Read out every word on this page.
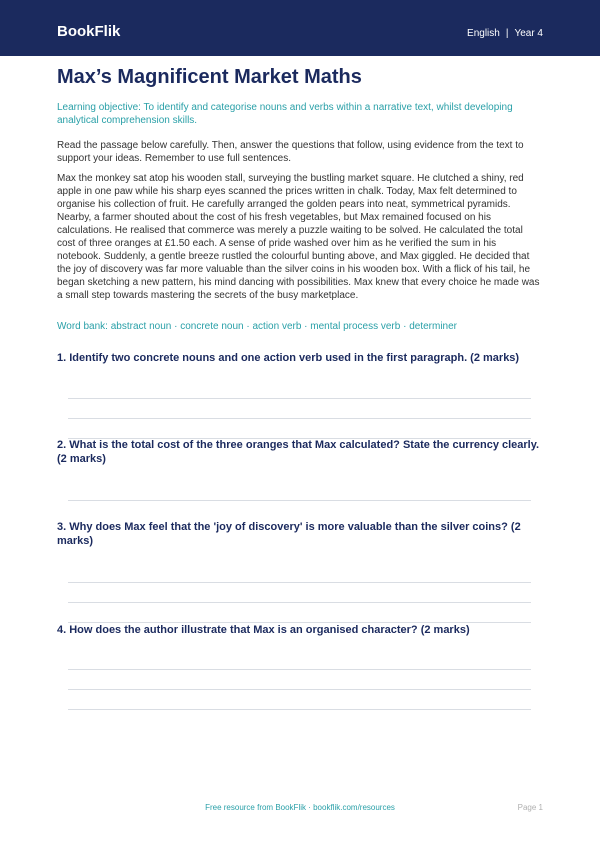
BookFlik	English | Year 4
Max’s Magnificent Market Maths
Learning objective: To identify and categorise nouns and verbs within a narrative text, whilst developing analytical comprehension skills.
Read the passage below carefully. Then, answer the questions that follow, using evidence from the text to support your ideas. Remember to use full sentences.
Max the monkey sat atop his wooden stall, surveying the bustling market square. He clutched a shiny, red apple in one paw while his sharp eyes scanned the prices written in chalk. Today, Max felt determined to organise his collection of fruit. He carefully arranged the golden pears into neat, symmetrical pyramids. Nearby, a farmer shouted about the cost of his fresh vegetables, but Max remained focused on his calculations. He realised that commerce was merely a puzzle waiting to be solved. He calculated the total cost of three oranges at £1.50 each. A sense of pride washed over him as he verified the sum in his notebook. Suddenly, a gentle breeze rustled the colourful bunting above, and Max giggled. He decided that the joy of discovery was far more valuable than the silver coins in his wooden box. With a flick of his tail, he began sketching a new pattern, his mind dancing with possibilities. Max knew that every choice he made was a small step towards mastering the secrets of the busy marketplace.
Word bank: abstract noun · concrete noun · action verb · mental process verb · determiner
1. Identify two concrete nouns and one action verb used in the first paragraph. (2 marks)
2. What is the total cost of the three oranges that Max calculated? State the currency clearly. (2 marks)
3. Why does Max feel that the 'joy of discovery' is more valuable than the silver coins? (2 marks)
4. How does the author illustrate that Max is an organised character? (2 marks)
Free resource from BookFlik · bookflik.com/resources	Page 1
